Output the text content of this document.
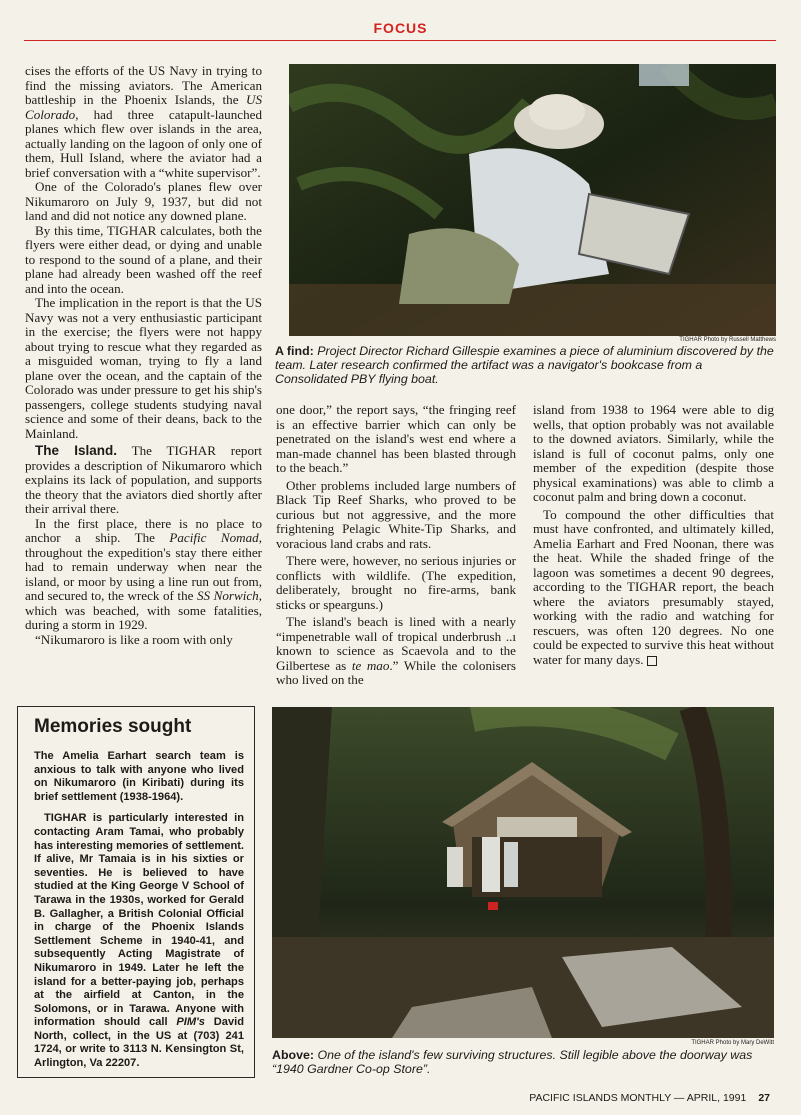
FOCUS

cises the efforts of the US Navy in trying to find the missing aviators. The American battleship in the Phoenix Islands, the US Colorado, had three catapult-launched planes which flew over islands in the area, actually landing on the lagoon of only one of them, Hull Island, where the aviator had a brief conversation with a “white supervisor”.

One of the Colorado's planes flew over Nikumaroro on July 9, 1937, but did not land and did not notice any downed plane.

By this time, TIGHAR calculates, both the flyers were either dead, or dying and unable to respond to the sound of a plane, and their plane had already been washed off the reef and into the ocean.

The implication in the report is that the US Navy was not a very enthusiastic participant in the exercise; the flyers were not happy about trying to rescue what they regarded as a misguided woman, trying to fly a land plane over the ocean, and the captain of the Colorado was under pressure to get his ship's passengers, college students studying naval science and some of their deans, back to the Mainland.

The Island. The TIGHAR report provides a description of Nikumaroro which explains its lack of population, and supports the theory that the aviators died shortly after their arrival there.

In the first place, there is no place to anchor a ship. The Pacific Nomad, throughout the expedition's stay there either had to remain underway when near the island, or moor by using a line run out from, and secured to, the wreck of the SS Norwich, which was beached, with some fatalities, during a storm in 1929.

“Nikumaroro is like a room with only

TIGHAR Photo by Russell Matthews
A find: Project Director Richard Gillespie examines a piece of aluminium discovered by the team. Later research confirmed the artifact was a navigator's bookcase from a Consolidated PBY flying boat.

one door,” the report says, “the fringing reef is an effective barrier which can only be penetrated on the island's west end where a man-made channel has been blasted through to the beach.”

Other problems included large numbers of Black Tip Reef Sharks, who proved to be curious but not aggressive, and the more frightening Pelagic White-Tip Sharks, and voracious land crabs and rats.

There were, however, no serious injuries or conflicts with wildlife. (The expedition, deliberately, brought no fire-arms, bank sticks or spearguns.)

The island's beach is lined with a nearly “impenetrable wall of tropical underbrush ..ı known to science as Scaevola and to the Gilbertese as te mao.” While the colonisers who lived on the

island from 1938 to 1964 were able to dig wells, that option probably was not available to the downed aviators. Similarly, while the island is full of coconut palms, only one member of the expedition (despite those physical examinations) was able to climb a coconut palm and bring down a coconut.

To compound the other difficulties that must have confronted, and ultimately killed, Amelia Earhart and Fred Noonan, there was the heat. While the shaded fringe of the lagoon was sometimes a decent 90 degrees, according to the TIGHAR report, the beach where the aviators presumably stayed, working with the radio and watching for rescuers, was often 120 degrees. No one could be expected to survive this heat without water for many days.

Memories sought

The Amelia Earhart search team is anxious to talk with anyone who lived on Nikumaroro (in Kiribati) during its brief settlement (1938-1964).

TIGHAR is particularly interested in contacting Aram Tamai, who probably has interesting memories of settlement. If alive, Mr Tamaia is in his sixties or seventies. He is believed to have studied at the King George V School of Tarawa in the 1930s, worked for Gerald B. Gallagher, a British Colonial Official in charge of the Phoenix Islands Settlement Scheme in 1940-41, and subsequently Acting Magistrate of Nikumaroro in 1949. Later he left the island for a better-paying job, perhaps at the airfield at Canton, in the Solomons, or in Tarawa. Anyone with information should call PIM's David North, collect, in the US at (703) 241 1724, or write to 3113 N. Kensington St, Arlington, Va 22207.

TIGHAR Photo by Mary DeWitt
Above: One of the island's few surviving structures. Still legible above the doorway was “1940 Gardner Co-op Store”.
PACIFIC ISLANDS MONTHLY — APRIL, 1991 27
